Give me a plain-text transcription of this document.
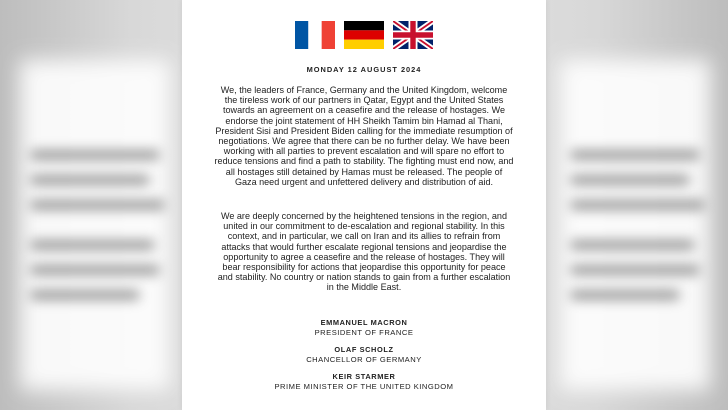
MONDAY 12 AUGUST 2024

We, the leaders of France, Germany and the United Kingdom, welcome the tireless work of our partners in Qatar, Egypt and the United States towards an agreement on a ceasefire and the release of hostages. We endorse the joint statement of HH Sheikh Tamim bin Hamad al Thani, President Sisi and President Biden calling for the immediate resumption of negotiations. We agree that there can be no further delay. We have been working with all parties to prevent escalation and will spare no effort to reduce tensions and find a path to stability. The fighting must end now, and all hostages still detained by Hamas must be released. The people of Gaza need urgent and unfettered delivery and distribution of aid.

We are deeply concerned by the heightened tensions in the region, and united in our commitment to de-escalation and regional stability. In this context, and in particular, we call on Iran and its allies to refrain from attacks that would further escalate regional tensions and jeopardise the opportunity to agree a ceasefire and the release of hostages. They will bear responsibility for actions that jeopardise this opportunity for peace and stability. No country or nation stands to gain from a further escalation in the Middle East.

EMMANUEL MACRON
PRESIDENT OF FRANCE
OLAF SCHOLZ
CHANCELLOR OF GERMANY
KEIR STARMER
PRIME MINISTER OF THE UNITED KINGDOM
